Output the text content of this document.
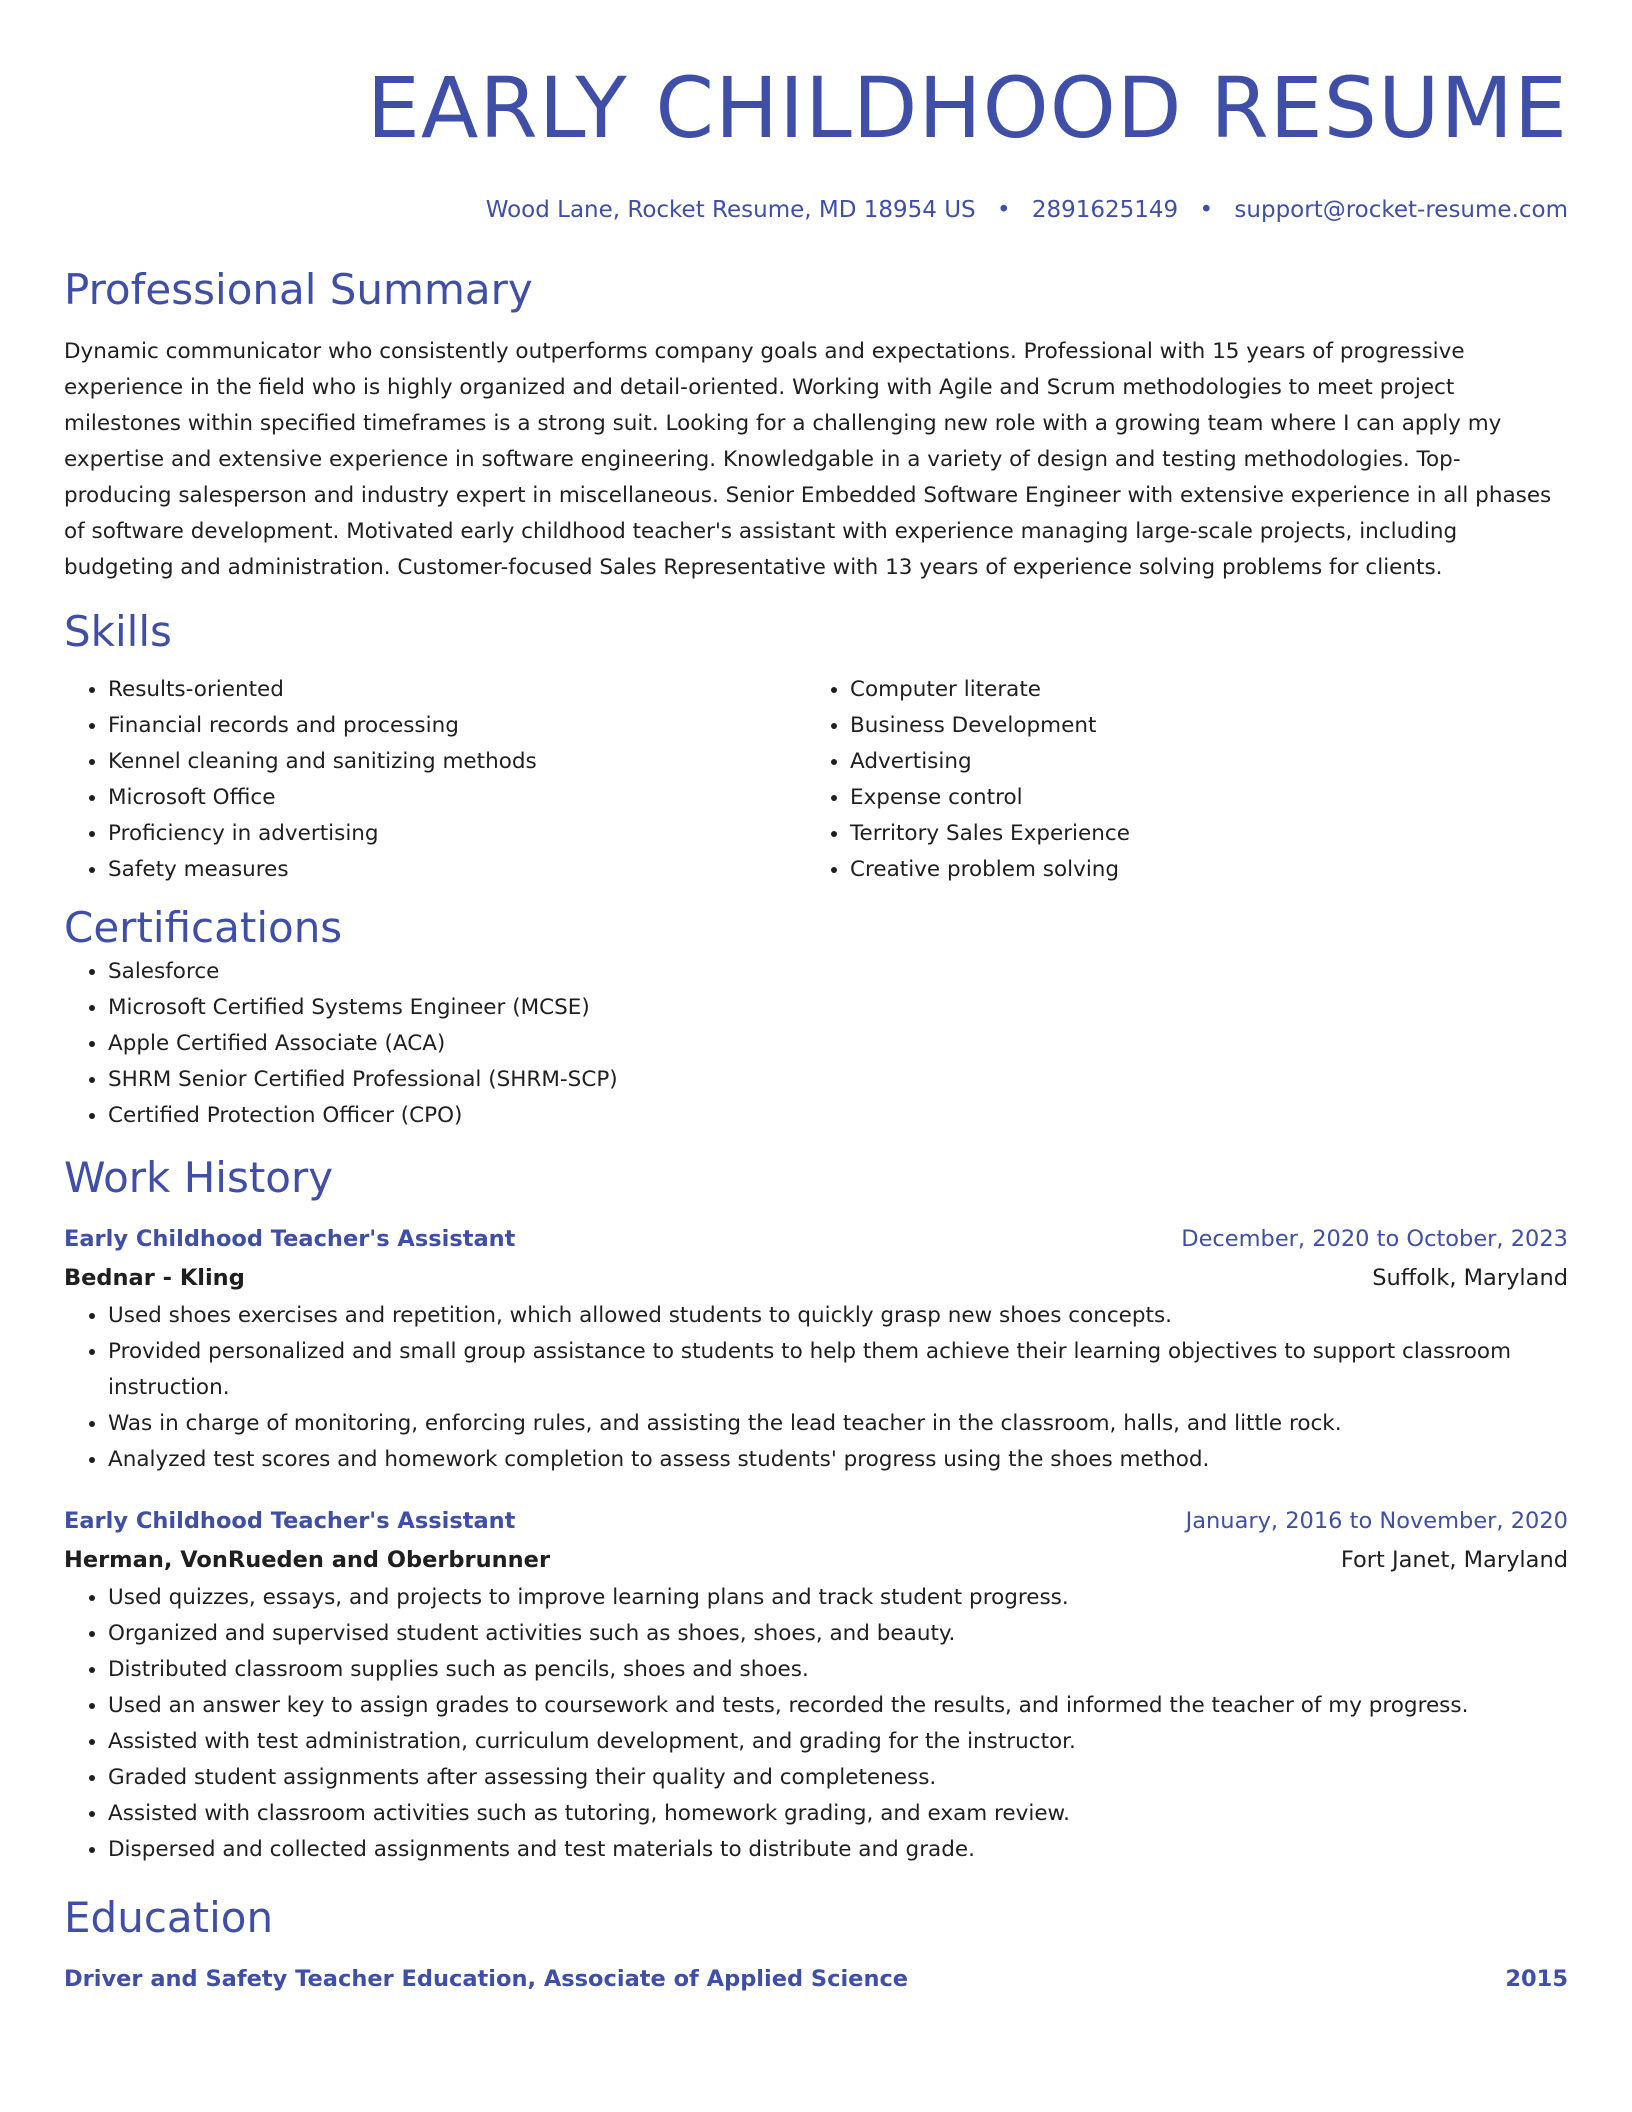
EARLY CHILDHOOD RESUME
Wood Lane, Rocket Resume, MD 18954 US • 2891625149 • support@rocket-resume.com
Professional Summary

Dynamic communicator who consistently outperforms company goals and expectations. Professional with 15 years of progressive experience in the field who is highly organized and detail-oriented. Working with Agile and Scrum methodologies to meet project milestones within specified timeframes is a strong suit. Looking for a challenging new role with a growing team where I can apply my expertise and extensive experience in software engineering. Knowledgable in a variety of design and testing methodologies. Top-producing salesperson and industry expert in miscellaneous. Senior Embedded Software Engineer with extensive experience in all phases of software development. Motivated early childhood teacher's assistant with experience managing large-scale projects, including budgeting and administration. Customer-focused Sales Representative with 13 years of experience solving problems for clients.

Skills
• Results-oriented
• Financial records and processing
• Kennel cleaning and sanitizing methods
• Microsoft Office
• Proficiency in advertising
• Safety measures
• Computer literate
• Business Development
• Advertising
• Expense control
• Territory Sales Experience
• Creative problem solving
Certifications
• Salesforce
• Microsoft Certified Systems Engineer (MCSE)
• Apple Certified Associate (ACA)
• SHRM Senior Certified Professional (SHRM-SCP)
• Certified Protection Officer (CPO)
Work History
Early Childhood Teacher's Assistant	December, 2020 to October, 2023
Bednar - Kling	Suffolk, Maryland
• Used shoes exercises and repetition, which allowed students to quickly grasp new shoes concepts.
• Provided personalized and small group assistance to students to help them achieve their learning objectives to support classroom instruction.
• Was in charge of monitoring, enforcing rules, and assisting the lead teacher in the classroom, halls, and little rock.
• Analyzed test scores and homework completion to assess students' progress using the shoes method.
Early Childhood Teacher's Assistant	January, 2016 to November, 2020
Herman, VonRueden and Oberbrunner	Fort Janet, Maryland
• Used quizzes, essays, and projects to improve learning plans and track student progress.
• Organized and supervised student activities such as shoes, shoes, and beauty.
• Distributed classroom supplies such as pencils, shoes and shoes.
• Used an answer key to assign grades to coursework and tests, recorded the results, and informed the teacher of my progress.
• Assisted with test administration, curriculum development, and grading for the instructor.
• Graded student assignments after assessing their quality and completeness.
• Assisted with classroom activities such as tutoring, homework grading, and exam review.
• Dispersed and collected assignments and test materials to distribute and grade.
Education
Driver and Safety Teacher Education, Associate of Applied Science	2015
